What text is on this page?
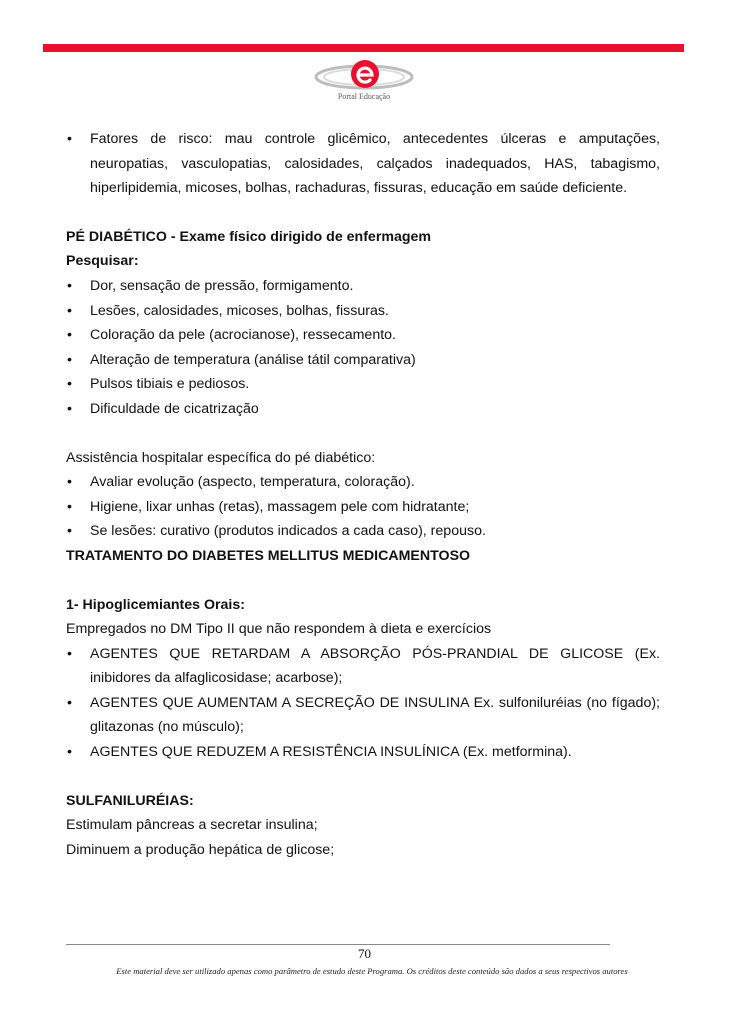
Portal Educação
• Fatores de risco: mau controle glicêmico, antecedentes úlceras e amputações, neuropatias, vasculopatias, calosidades, calçados inadequados, HAS, tabagismo, hiperlipidemia, micoses, bolhas, rachaduras, fissuras, educação em saúde deficiente.

PÉ DIABÉTICO - Exame físico dirigido de enfermagem

Pesquisar:

• Dor, sensação de pressão, formigamento.
• Lesões, calosidades, micoses, bolhas, fissuras.
• Coloração da pele (acrocianose), ressecamento.
• Alteração de temperatura (análise tátil comparativa)
• Pulsos tibiais e pediosos.
• Dificuldade de cicatrização

Assistência hospitalar específica do pé diabético:

• Avaliar evolução (aspecto, temperatura, coloração).
• Higiene, lixar unhas (retas), massagem pele com hidratante;
• Se lesões: curativo (produtos indicados a cada caso), repouso.

TRATAMENTO DO DIABETES MELLITUS MEDICAMENTOSO

1- Hipoglicemiantes Orais:

Empregados no DM Tipo II que não respondem à dieta e exercícios

• AGENTES QUE RETARDAM A ABSORÇÃO PÓS-PRANDIAL DE GLICOSE (Ex. inibidores da alfaglicosidase; acarbose);
• AGENTES QUE AUMENTAM A SECREÇÃO DE INSULINA Ex. sulfoniluréias (no fígado); glitazonas (no músculo);
• AGENTES QUE REDUZEM A RESISTÊNCIA INSULÍNICA (Ex. metformina).

SULFANILURÉIAS:

Estimulam pâncreas a secretar insulina;

Diminuem a produção hepática de glicose;

70
Este material deve ser utilizado apenas como parâmetro de estudo deste Programa. Os créditos deste conteúdo são dados a seus respectivos autores
